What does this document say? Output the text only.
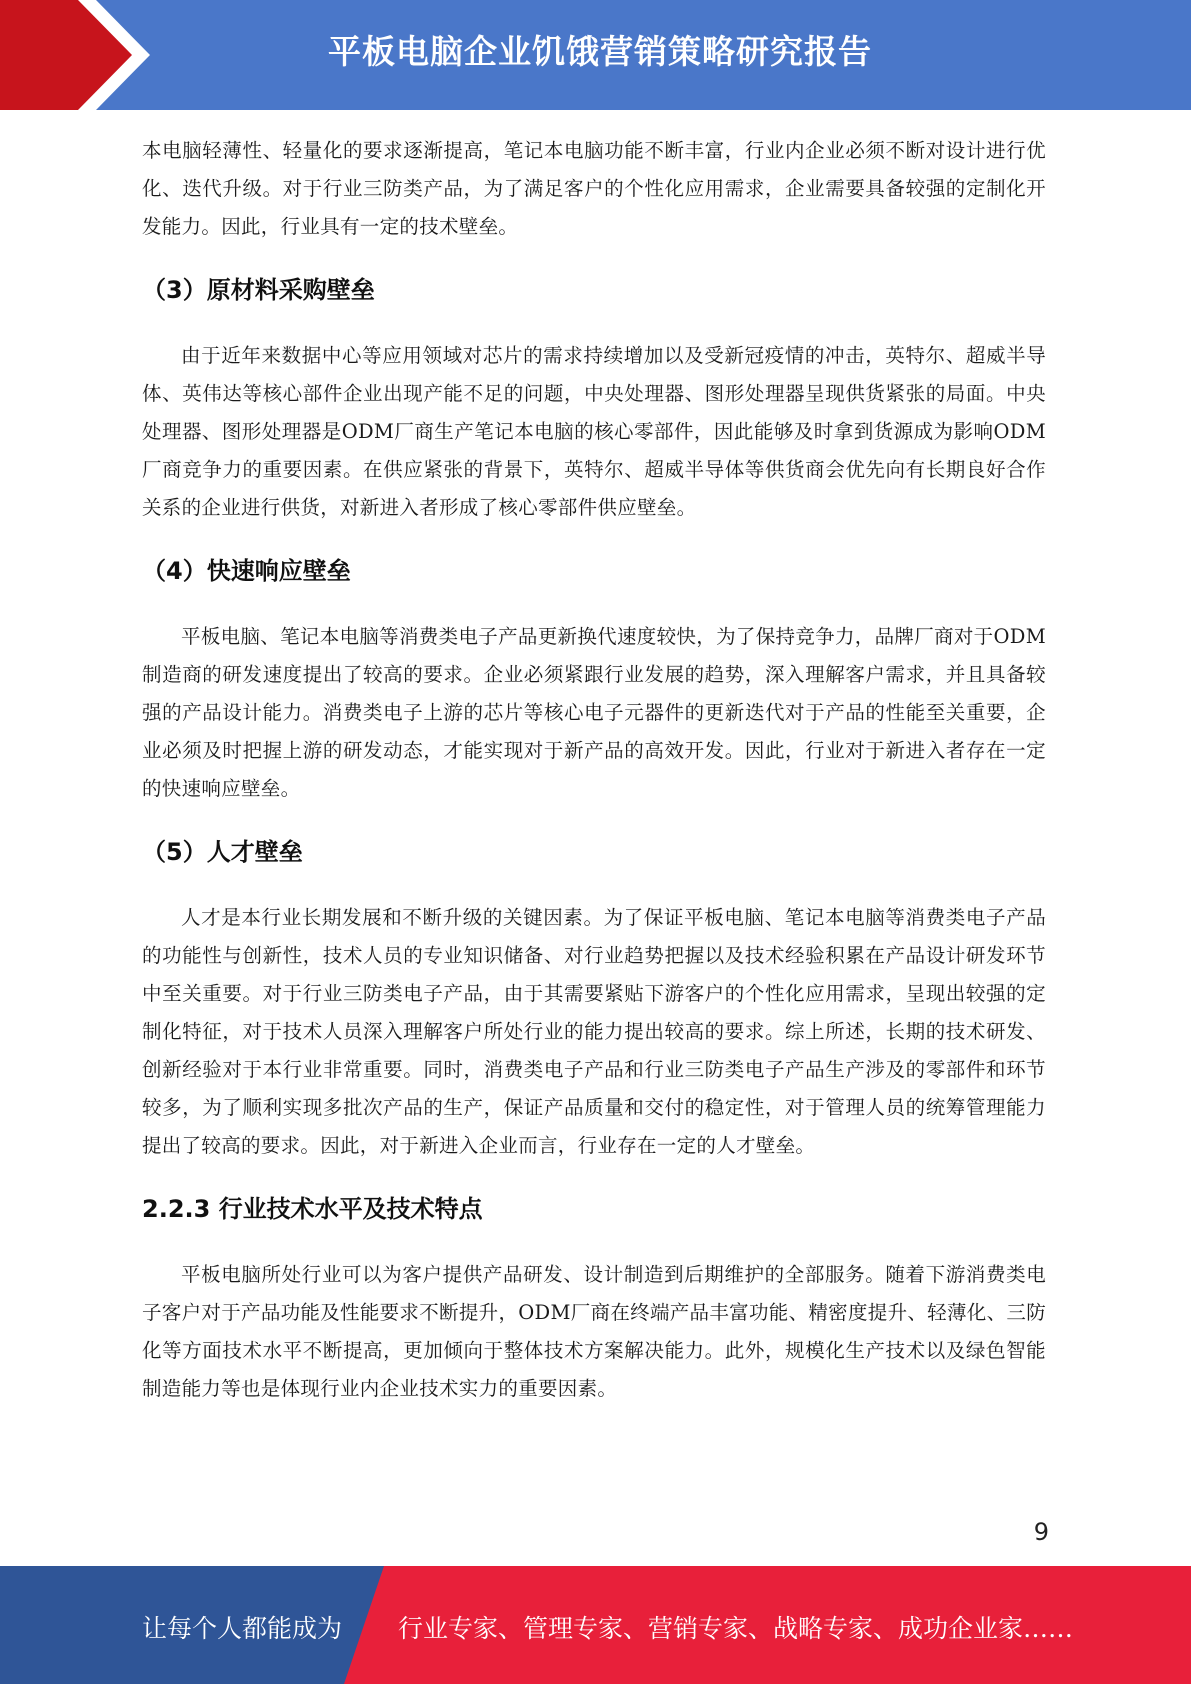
平板电脑企业饥饿营销策略研究报告

本电脑轻薄性、轻量化的要求逐渐提高，笔记本电脑功能不断丰富，行业内企业必须不断对设计进行优化、迭代升级。对于行业三防类产品，为了满足客户的个性化应用需求，企业需要具备较强的定制化开发能力。因此，行业具有一定的技术壁垒。

（3）原材料采购壁垒

由于近年来数据中心等应用领域对芯片的需求持续增加以及受新冠疫情的冲击，英特尔、超威半导体、英伟达等核心部件企业出现产能不足的问题，中央处理器、图形处理器呈现供货紧张的局面。中央处理器、图形处理器是ODM厂商生产笔记本电脑的核心零部件，因此能够及时拿到货源成为影响ODM厂商竞争力的重要因素。在供应紧张的背景下，英特尔、超威半导体等供货商会优先向有长期良好合作关系的企业进行供货，对新进入者形成了核心零部件供应壁垒。

（4）快速响应壁垒

平板电脑、笔记本电脑等消费类电子产品更新换代速度较快，为了保持竞争力，品牌厂商对于ODM制造商的研发速度提出了较高的要求。企业必须紧跟行业发展的趋势，深入理解客户需求，并且具备较强的产品设计能力。消费类电子上游的芯片等核心电子元器件的更新迭代对于产品的性能至关重要，企业必须及时把握上游的研发动态，才能实现对于新产品的高效开发。因此，行业对于新进入者存在一定的快速响应壁垒。

（5）人才壁垒

人才是本行业长期发展和不断升级的关键因素。为了保证平板电脑、笔记本电脑等消费类电子产品的功能性与创新性，技术人员的专业知识储备、对行业趋势把握以及技术经验积累在产品设计研发环节中至关重要。对于行业三防类电子产品，由于其需要紧贴下游客户的个性化应用需求，呈现出较强的定制化特征，对于技术人员深入理解客户所处行业的能力提出较高的要求。综上所述，长期的技术研发、创新经验对于本行业非常重要。同时，消费类电子产品和行业三防类电子产品生产涉及的零部件和环节较多，为了顺利实现多批次产品的生产，保证产品质量和交付的稳定性，对于管理人员的统筹管理能力提出了较高的要求。因此，对于新进入企业而言，行业存在一定的人才壁垒。

2.2.3 行业技术水平及技术特点

平板电脑所处行业可以为客户提供产品研发、设计制造到后期维护的全部服务。随着下游消费类电子客户对于产品功能及性能要求不断提升，ODM厂商在终端产品丰富功能、精密度提升、轻薄化、三防化等方面技术水平不断提高，更加倾向于整体技术方案解决能力。此外，规模化生产技术以及绿色智能制造能力等也是体现行业内企业技术实力的重要因素。

9
让每个人都能成为 行业专家、管理专家、营销专家、战略专家、成功企业家……
